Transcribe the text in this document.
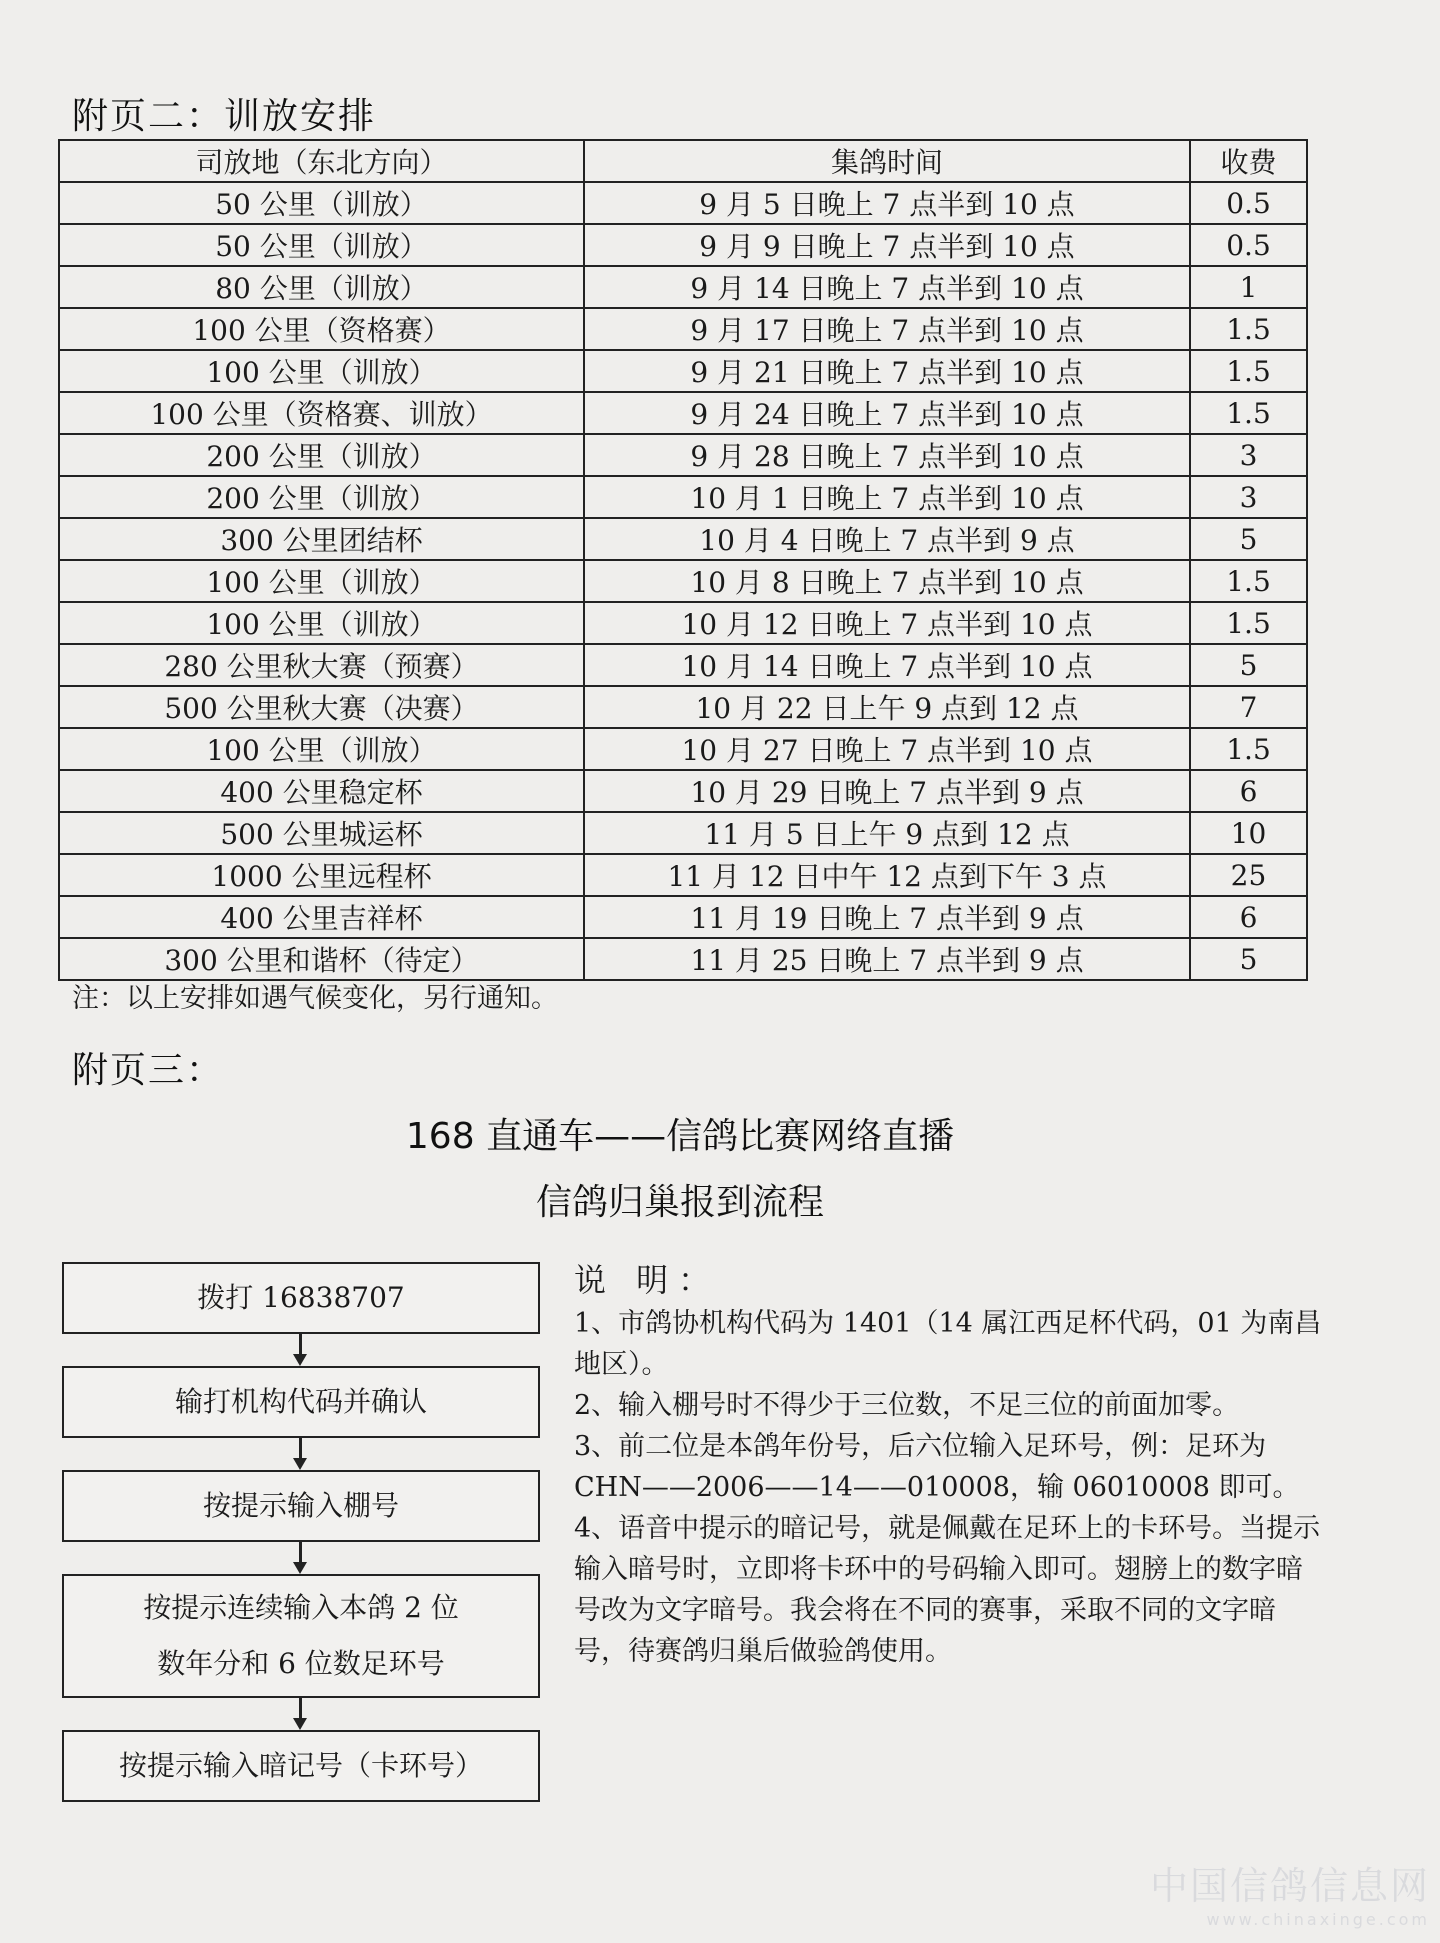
附页二：训放安排
司放地（东北方向）	集鸽时间	收费
50 公里（训放）	9 月 5 日晚上 7 点半到 10 点	0.5
50 公里（训放）	9 月 9 日晚上 7 点半到 10 点	0.5
80 公里（训放）	9 月 14 日晚上 7 点半到 10 点	1
100 公里（资格赛）	9 月 17 日晚上 7 点半到 10 点	1.5
100 公里（训放）	9 月 21 日晚上 7 点半到 10 点	1.5
100 公里（资格赛、训放）	9 月 24 日晚上 7 点半到 10 点	1.5
200 公里（训放）	9 月 28 日晚上 7 点半到 10 点	3
200 公里（训放）	10 月 1 日晚上 7 点半到 10 点	3
300 公里团结杯	10 月 4 日晚上 7 点半到 9 点	5
100 公里（训放）	10 月 8 日晚上 7 点半到 10 点	1.5
100 公里（训放）	10 月 12 日晚上 7 点半到 10 点	1.5
280 公里秋大赛（预赛）	10 月 14 日晚上 7 点半到 10 点	5
500 公里秋大赛（决赛）	10 月 22 日上午 9 点到 12 点	7
100 公里（训放）	10 月 27 日晚上 7 点半到 10 点	1.5
400 公里稳定杯	10 月 29 日晚上 7 点半到 9 点	6
500 公里城运杯	11 月 5 日上午 9 点到 12 点	10
1000 公里远程杯	11 月 12 日中午 12 点到下午 3 点	25
400 公里吉祥杯	11 月 19 日晚上 7 点半到 9 点	6
300 公里和谐杯（待定）	11 月 25 日晚上 7 点半到 9 点	5
注：以上安排如遇气候变化，另行通知。
附页三：
168 直通车——信鸽比赛网络直播
信鸽归巢报到流程
拨打 16838707
输打机构代码并确认
按提示输入棚号
按提示连续输入本鸽 2 位
数年分和 6 位数足环号
按提示输入暗记号（卡环号）
说 明：

1、市鸽协机构代码为 1401（14 属江西足杯代码，01 为南昌地区）。

2、输入棚号时不得少于三位数，不足三位的前面加零。

3、前二位是本鸽年份号，后六位输入足环号，例：足环为

CHN——2006——14——010008，输 06010008 即可。

4、语音中提示的暗记号，就是佩戴在足环上的卡环号。当提示输入暗号时，立即将卡环中的号码输入即可。翅膀上的数字暗号改为文字暗号。我会将在不同的赛事，采取不同的文字暗号，待赛鸽归巢后做验鸽使用。

中国信鸽信息网
www.chinaxinge.com
